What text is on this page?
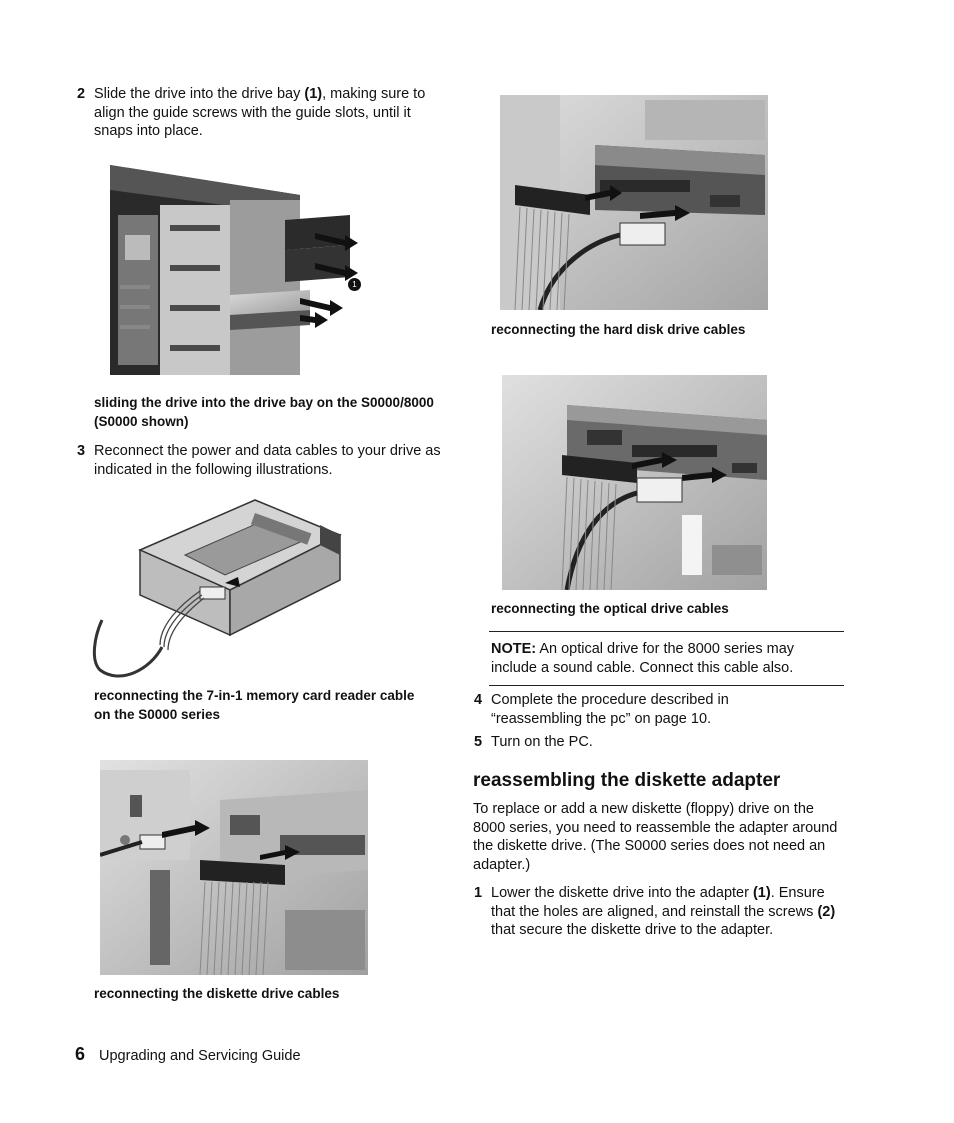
2 Slide the drive into the drive bay (1), making sure to align the guide screws with the guide slots, until it snaps into place.
1
sliding the drive into the drive bay on the S0000/8000 (S0000 shown)
3 Reconnect the power and data cables to your drive as indicated in the following illustrations.
reconnecting the 7-in-1 memory card reader cable on the S0000 series
reconnecting the diskette drive cables
reconnecting the hard disk drive cables
reconnecting the optical drive cables
NOTE: An optical drive for the 8000 series may include a sound cable. Connect this cable also.
4 Complete the procedure described in “reassembling the pc” on page 10.
5 Turn on the PC.
reassembling the diskette adapter
To replace or add a new diskette (floppy) drive on the 8000 series, you need to reassemble the adapter around the diskette drive. (The S0000 series does not need an adapter.)
1 Lower the diskette drive into the adapter (1). Ensure that the holes are aligned, and reinstall the screws (2) that secure the diskette drive to the adapter.
6 Upgrading and Servicing Guide
